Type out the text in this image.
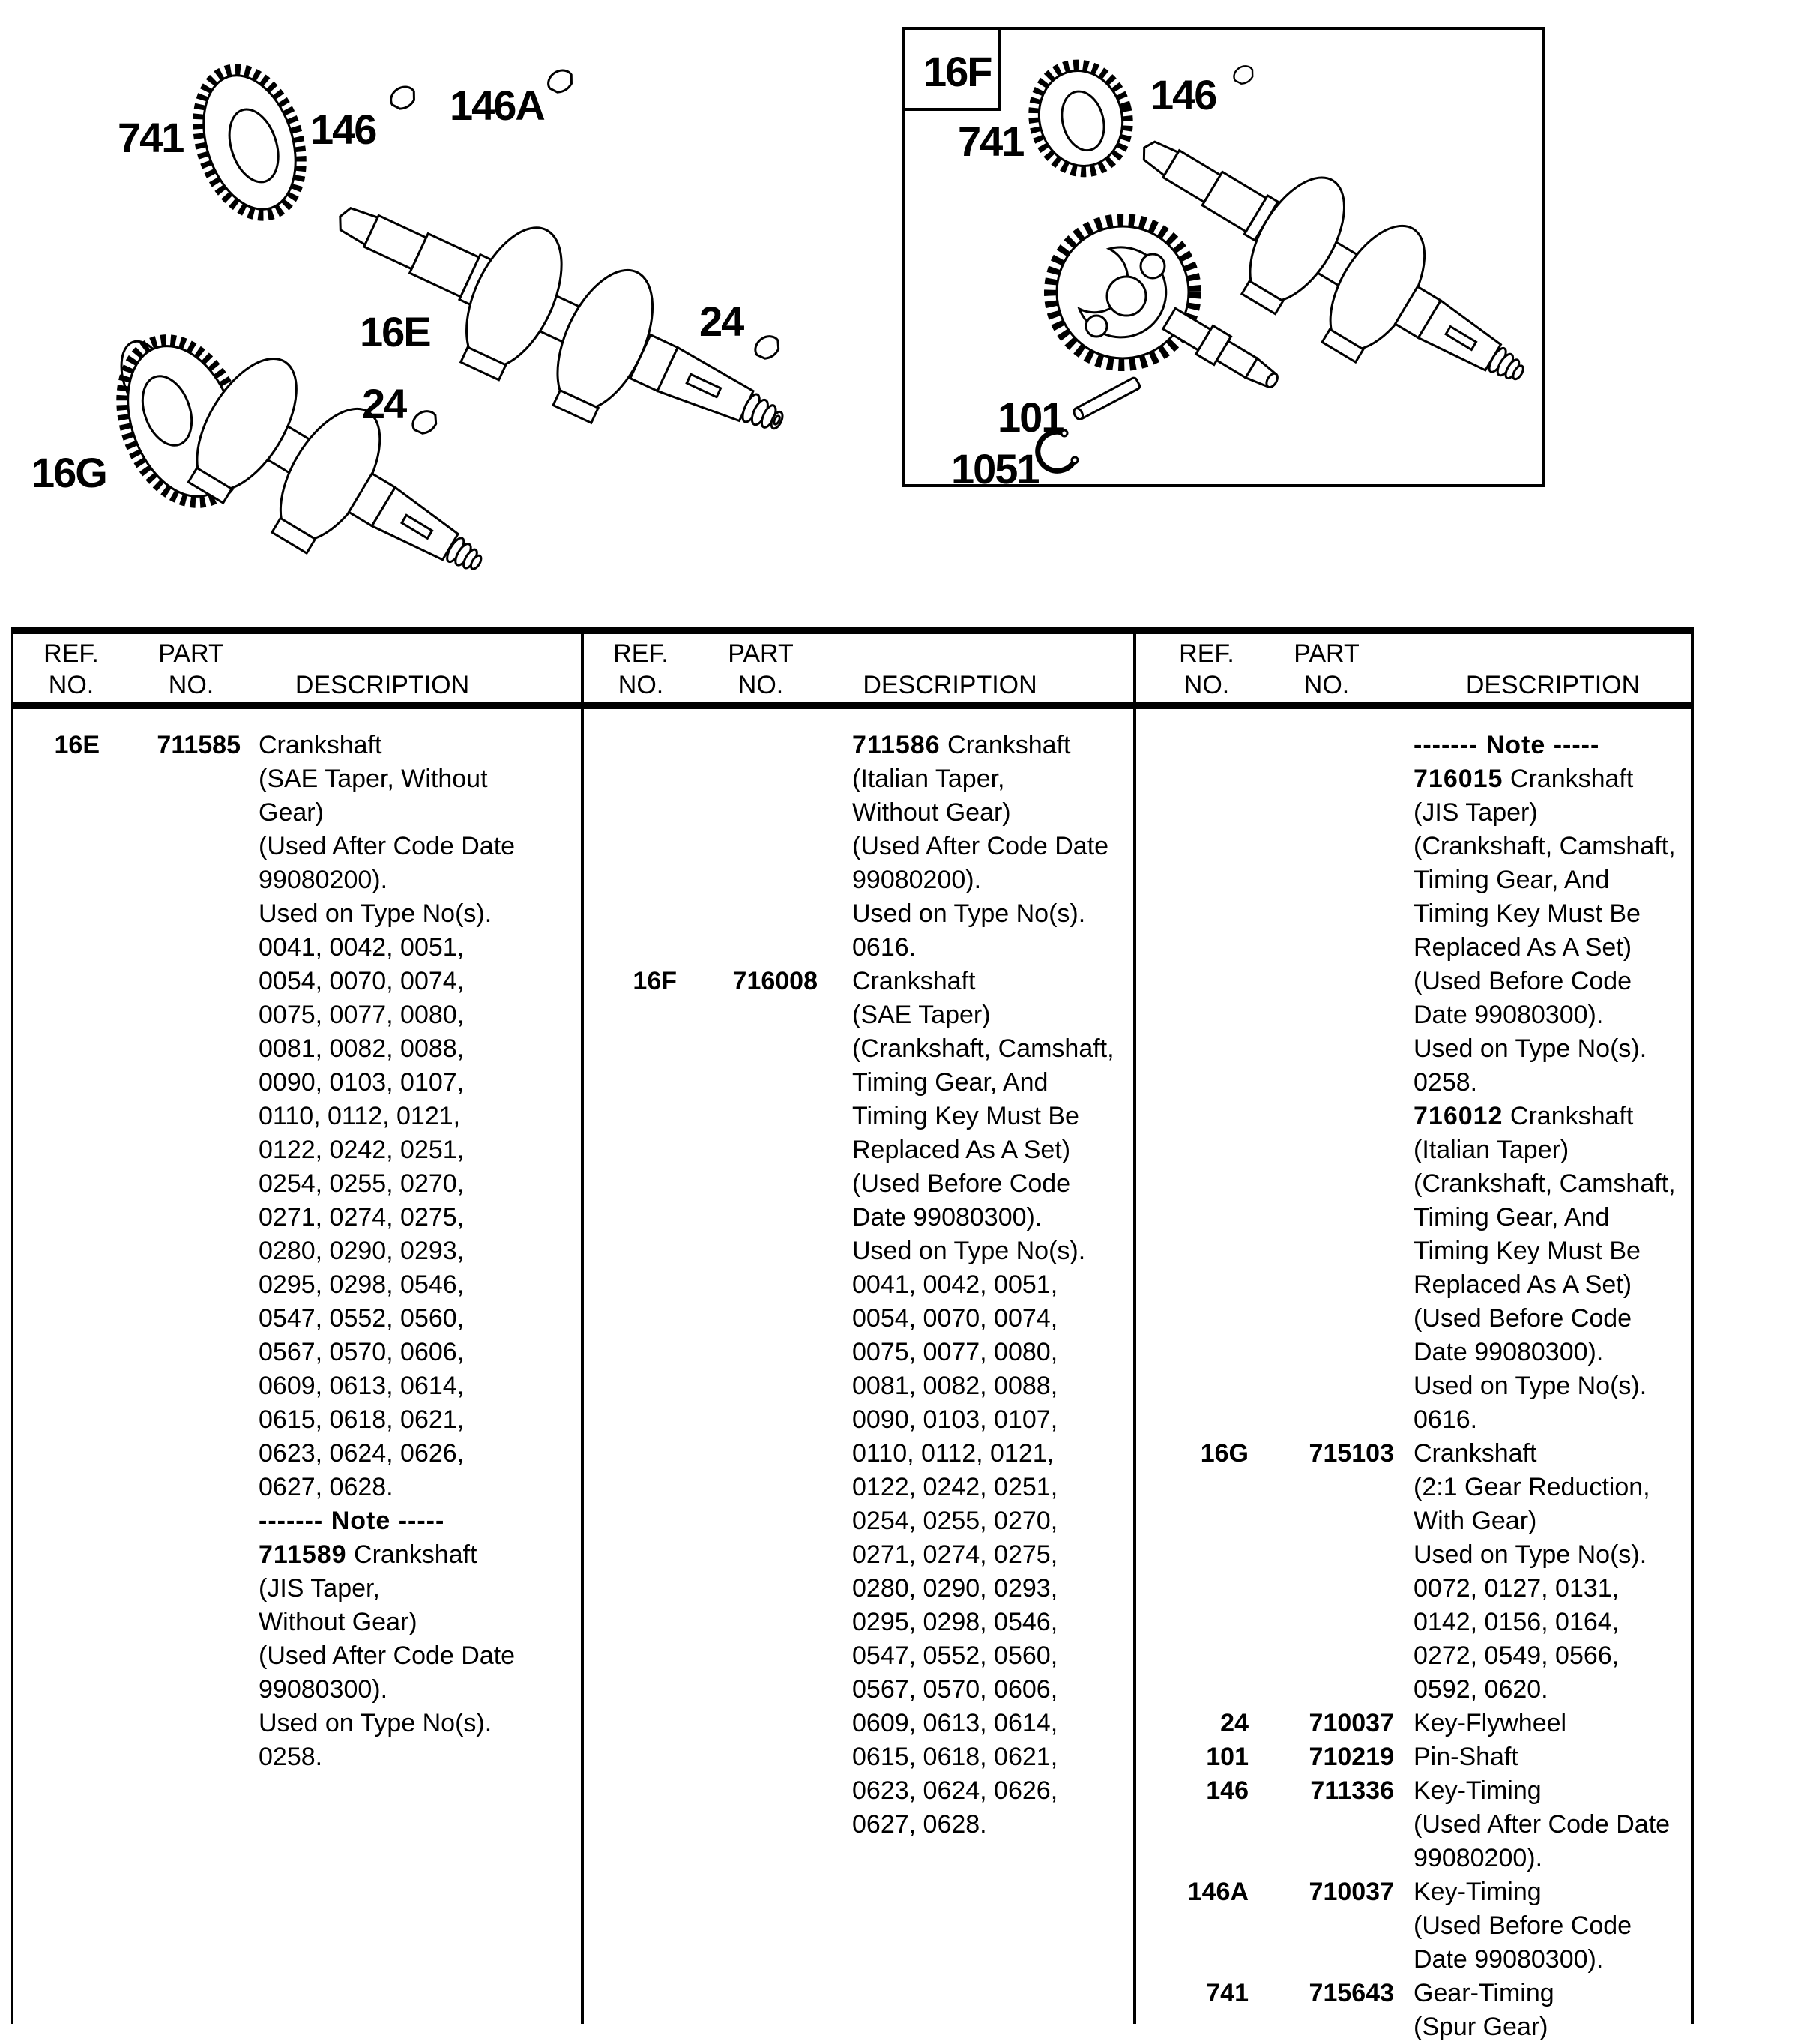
741	146
146A
24
16E
24
16G
16F
741
146
101
1051
REF.
NO.
PART
NO.	DESCRIPTION
REF.
NO.
PART
NO.	DESCRIPTION
REF.
NO.
PART
NO.	DESCRIPTION
16E	711585 Crankshaft
(SAE Taper, Without
Gear)
(Used After Code Date
99080200).
Used on Type No(s).
0041, 0042, 0051,
0054, 0070, 0074,
0075, 0077, 0080,
0081, 0082, 0088,
0090, 0103, 0107,
0110, 0112, 0121,
0122, 0242, 0251,
0254, 0255, 0270,
0271, 0274, 0275,
0280, 0290, 0293,
0295, 0298, 0546,
0547, 0552, 0560,
0567, 0570, 0606,
0609, 0613, 0614,
0615, 0618, 0621,
0623, 0624, 0626,
0627, 0628.
------- Note -----
711589 Crankshaft
(JIS Taper,
Without Gear)
(Used After Code Date
99080300).
Used on Type No(s).
0258.
711586 Crankshaft
(Italian Taper,
Without Gear)
(Used After Code Date
99080200).
Used on Type No(s).
0616.
16F	716008 Crankshaft
(SAE Taper)
(Crankshaft, Camshaft,
Timing Gear, And
Timing Key Must Be
Replaced As A Set)
(Used Before Code
Date 99080300).
Used on Type No(s).
0041, 0042, 0051,
0054, 0070, 0074,
0075, 0077, 0080,
0081, 0082, 0088,
0090, 0103, 0107,
0110, 0112, 0121,
0122, 0242, 0251,
0254, 0255, 0270,
0271, 0274, 0275,
0280, 0290, 0293,
0295, 0298, 0546,
0547, 0552, 0560,
0567, 0570, 0606,
0609, 0613, 0614,
0615, 0618, 0621,
0623, 0624, 0626,
0627, 0628.
------- Note -----
716015 Crankshaft
(JIS Taper)
(Crankshaft, Camshaft,
Timing Gear, And
Timing Key Must Be
Replaced As A Set)
(Used Before Code
Date 99080300).
Used on Type No(s).
0258.
716012 Crankshaft
(Italian Taper)
(Crankshaft, Camshaft,
Timing Gear, And
Timing Key Must Be
Replaced As A Set)
(Used Before Code
Date 99080300).
Used on Type No(s).
0616.
16G	715103 Crankshaft
(2:1 Gear Reduction,
With Gear)
Used on Type No(s).
0072, 0127, 0131,
0142, 0156, 0164,
0272, 0549, 0566,
0592, 0620.
24	710037 Key-Flywheel
101	710219 Pin-Shaft
146	711336 Key-Timing
(Used After Code Date
99080200).
146A	710037 Key-Timing
(Used Before Code
Date 99080300).
741	715643 Gear-Timing
(Spur Gear)
